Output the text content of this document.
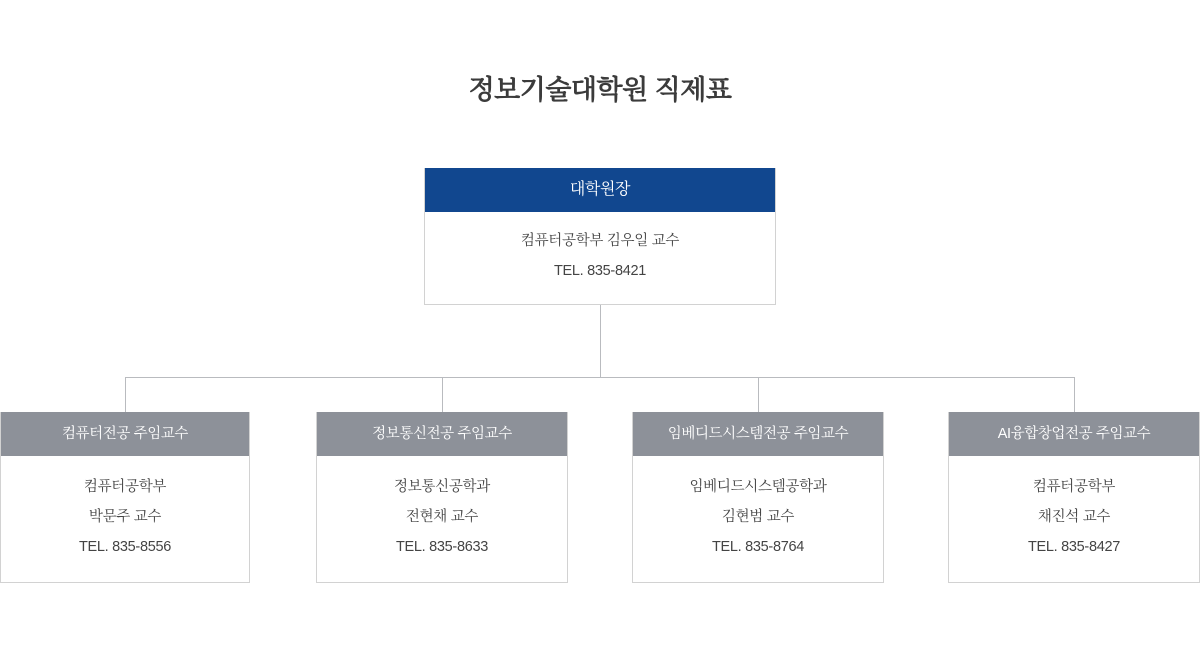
정보기술대학원 직제표
대학원장
컴퓨터공학부 김우일 교수
TEL. 835-8421
컴퓨터전공 주임교수
컴퓨터공학부
박문주 교수
TEL. 835-8556
정보통신전공 주임교수
정보통신공학과
전현채 교수
TEL. 835-8633
임베디드시스템전공 주임교수
임베디드시스템공학과
김현범 교수
TEL. 835-8764
AI융합창업전공 주임교수
컴퓨터공학부
채진석 교수
TEL. 835-8427
